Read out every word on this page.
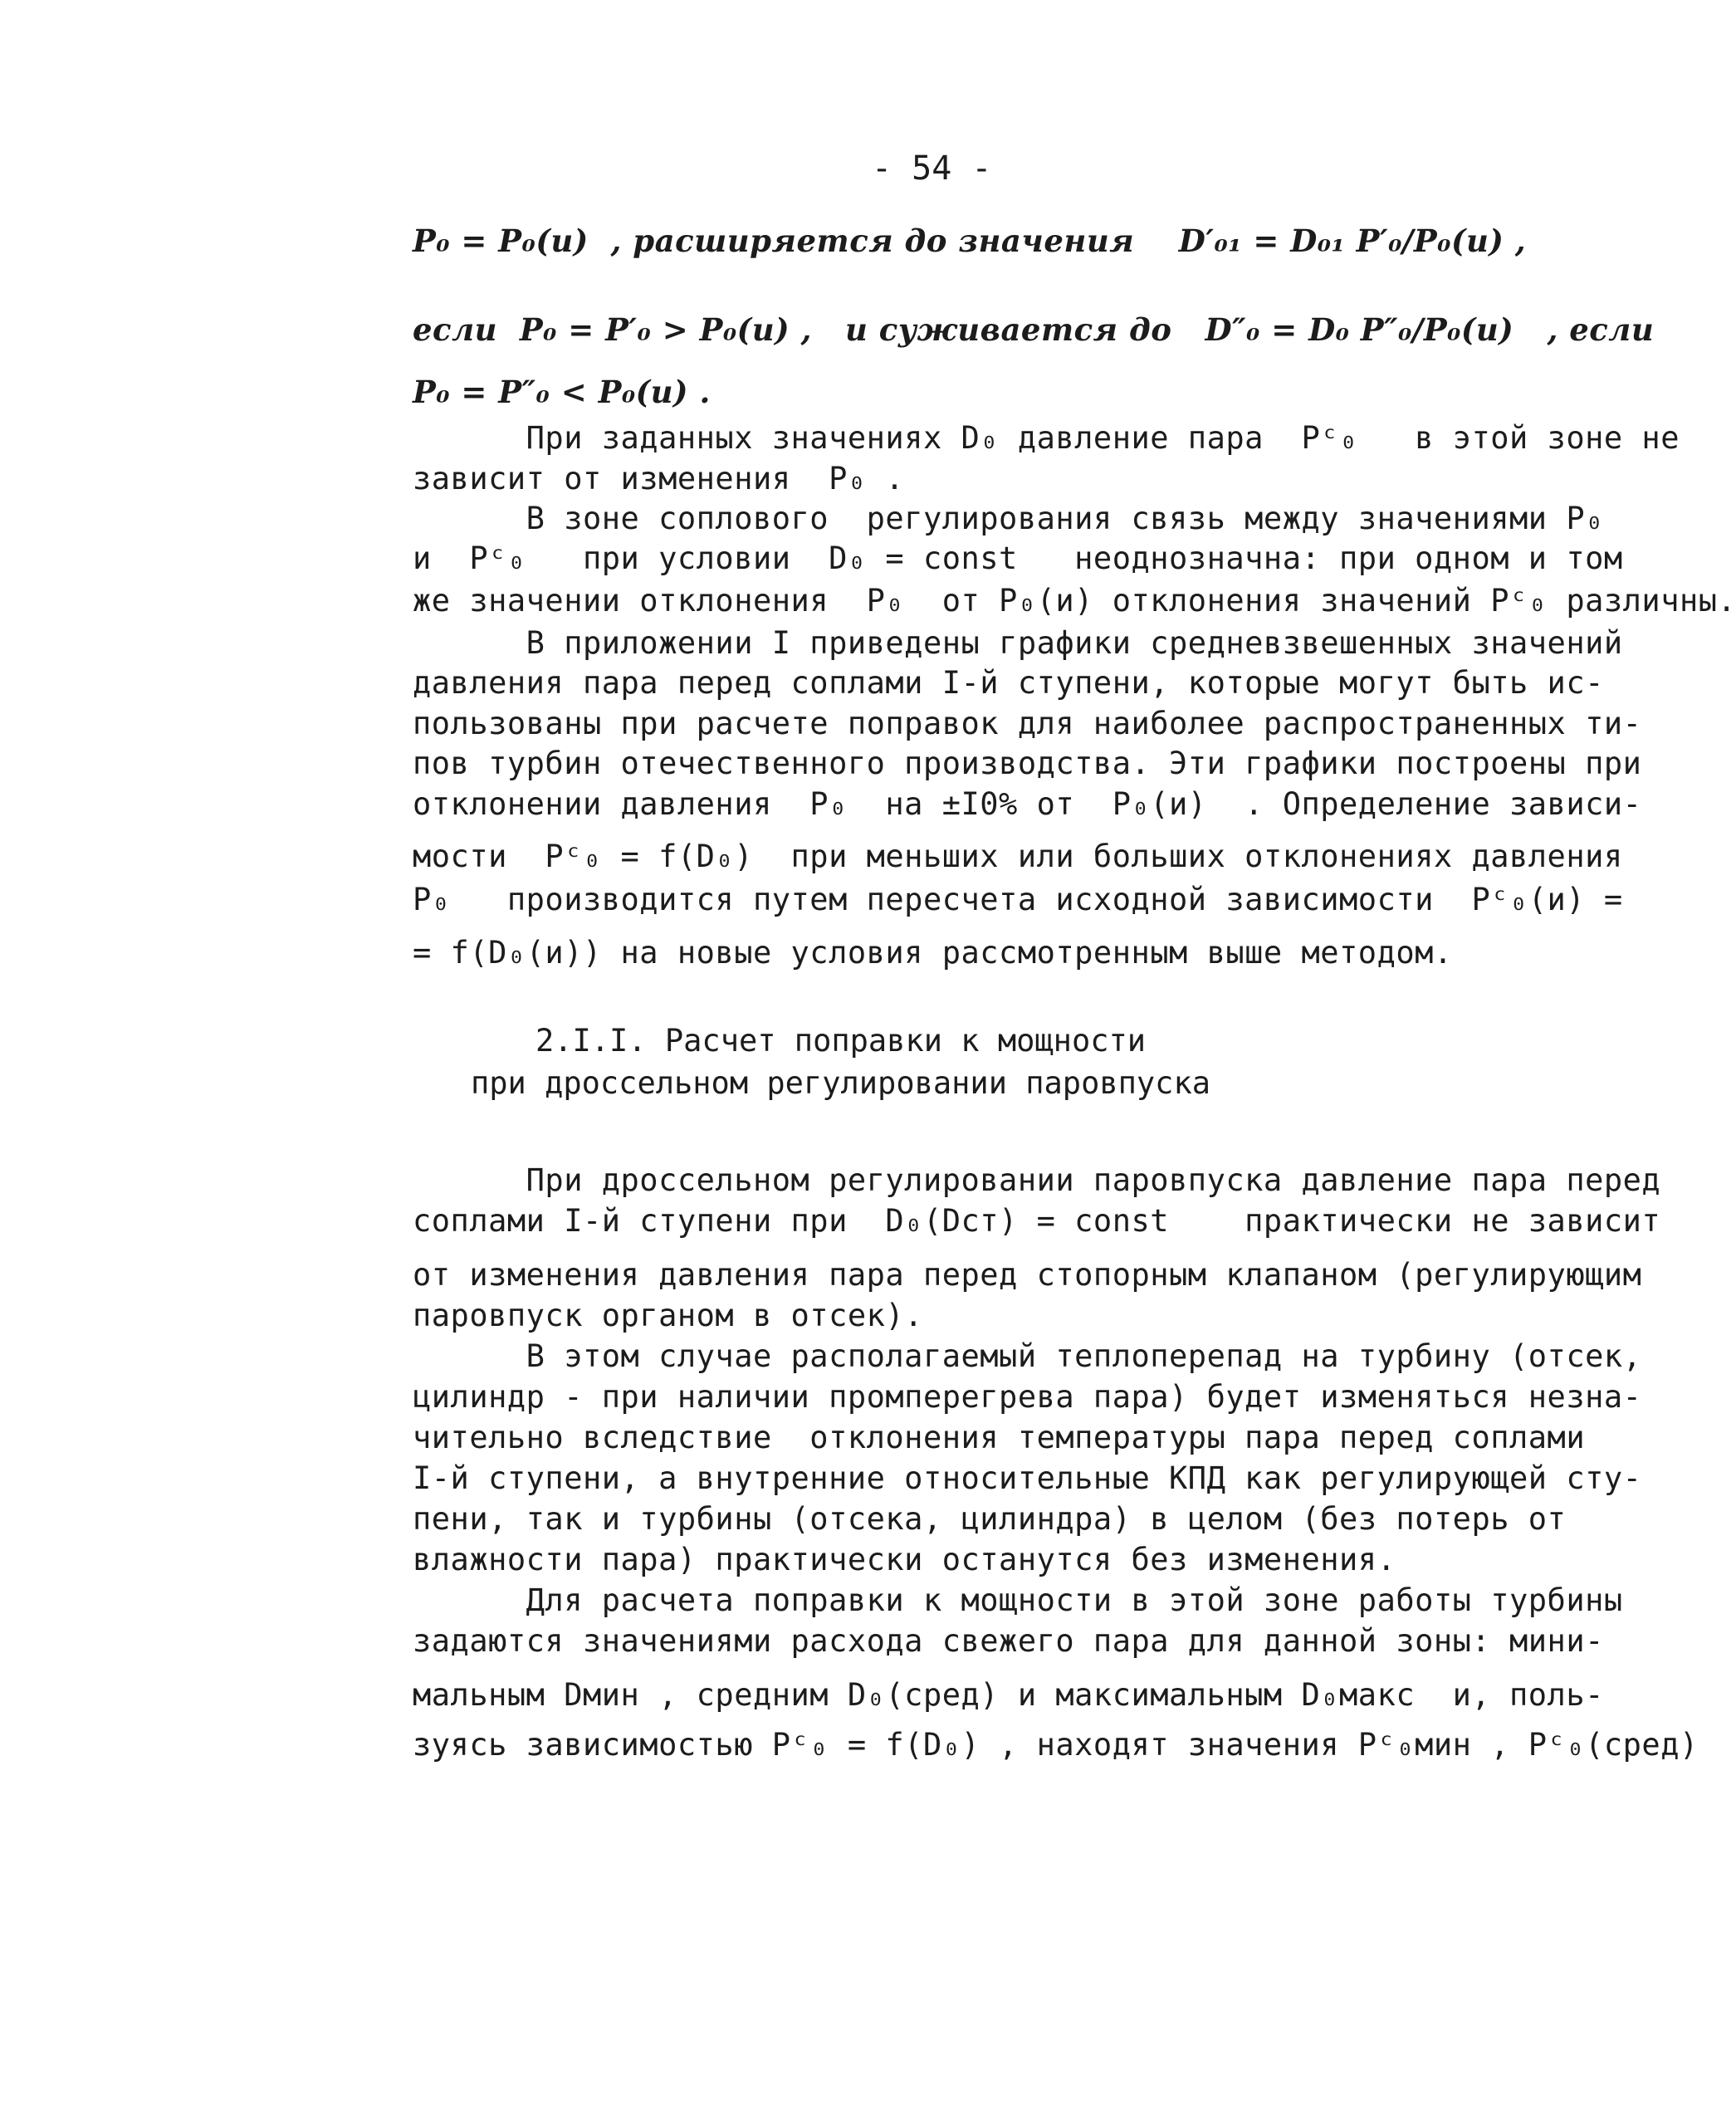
- 54 -
P₀ = P₀(и)  , расширяется до значения    D′₀₁ = D₀₁ P′₀/P₀(и) ,
если  P₀ = P′₀ > P₀(и) ,   и суживается до   D″₀ = D₀ P″₀/P₀(и)   , если
P₀ = P″₀ < P₀(и) .
При заданных значениях D₀ давление пара  Pᶜ₀   в этой зоне не
зависит от изменения  P₀ .
В зоне соплового  регулирования связь между значениями P₀
и  Pᶜ₀   при условии  D₀ = const   неоднозначна: при одном и том
же значении отклонения  P₀  от P₀(и) отклонения значений Pᶜ₀ различны.
В приложении I приведены графики средневзвешенных значений
давления пара перед соплами I-й ступени, которые могут быть ис-
пользованы при расчете поправок для наиболее распространенных ти-
пов турбин отечественного производства. Эти графики построены при
отклонении давления  P₀  на ±I0% от  P₀(и)  . Определение зависи-
мости  Pᶜ₀ = f(D₀)  при меньших или больших отклонениях давления
P₀   производится путем пересчета исходной зависимости  Pᶜ₀(и) =
= f(D₀(и)) на новые условия рассмотренным выше методом.
2.I.I. Расчет поправки к мощности
при дроссельном регулировании паровпуска
При дроссельном регулировании паровпуска давление пара перед
соплами I-й ступени при  D₀(Dст) = const    практически не зависит
от изменения давления пара перед стопорным клапаном (регулирующим
паровпуск органом в отсек).
В этом случае располагаемый теплоперепад на турбину (отсек,
цилиндр - при наличии промперегрева пара) будет изменяться незна-
чительно вследствие  отклонения температуры пара перед соплами
I-й ступени, а внутренние относительные КПД как регулирующей сту-
пени, так и турбины (отсека, цилиндра) в целом (без потерь от
влажности пара) практически останутся без изменения.
Для расчета поправки к мощности в этой зоне работы турбины
задаются значениями расхода свежего пара для данной зоны: мини-
мальным Dмин , средним D₀(сред) и максимальным D₀макс  и, поль-
зуясь зависимостью Pᶜ₀ = f(D₀) , находят значения Pᶜ₀мин , Pᶜ₀(сред)
